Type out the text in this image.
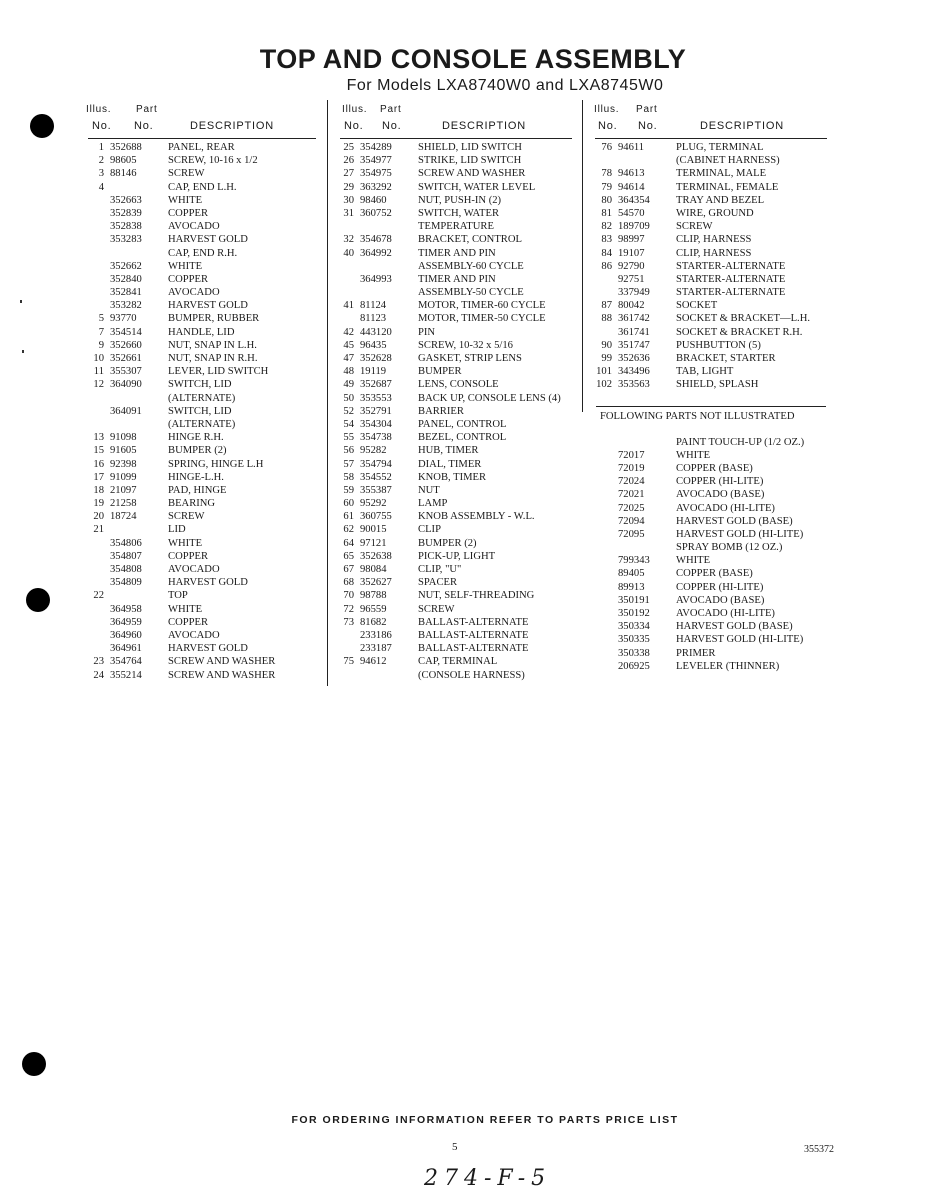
TOP AND CONSOLE ASSEMBLY
For Models LXA8740W0 and LXA8745W0
Illus. Part
No. No.	DESCRIPTION
1 352688 PANEL, REAR
2 98605	SCREW, 10-16 x 1/2
3 88146	SCREW
4	CAP, END L.H.
352663 WHITE
352839 COPPER
352838 AVOCADO
353283 HARVEST GOLD
CAP, END R.H.
352662 WHITE
352840 COPPER
352841 AVOCADO
353282 HARVEST GOLD
5 93770	BUMPER, RUBBER
7 354514 HANDLE, LID
9 352660 NUT, SNAP IN L.H.
10 352661 NUT, SNAP IN R.H.
11 355307 LEVER, LID SWITCH
12 364090 SWITCH, LID
(ALTERNATE)
364091 SWITCH, LID
(ALTERNATE)
13 91098	HINGE R.H.
15 91605	BUMPER (2)
16 92398	SPRING, HINGE L.H
17 91099	HINGE-L.H.
18 21097	PAD, HINGE
19 21258	BEARING
20 18724	SCREW
21	LID
354806 WHITE
354807 COPPER
354808 AVOCADO
354809 HARVEST GOLD
22	TOP
364958 WHITE
364959 COPPER
364960 AVOCADO
364961 HARVEST GOLD
23 354764 SCREW AND WASHER
24 355214 SCREW AND WASHER
Illus. Part
No. No.	DESCRIPTION
25 354289 SHIELD, LID SWITCH
26 354977 STRIKE, LID SWITCH
27 354975 SCREW AND WASHER
29 363292 SWITCH, WATER LEVEL
30 98460	NUT, PUSH-IN (2)
31 360752 SWITCH, WATER
TEMPERATURE
32 354678 BRACKET, CONTROL
40 364992 TIMER AND PIN
ASSEMBLY-60 CYCLE
364993 TIMER AND PIN
ASSEMBLY-50 CYCLE
41 81124	MOTOR, TIMER-60 CYCLE
81123	MOTOR, TIMER-50 CYCLE
42 443120 PIN
45 96435	SCREW, 10-32 x 5/16
47 352628 GASKET, STRIP LENS
48 19119	BUMPER
49 352687 LENS, CONSOLE
50 353553 BACK UP, CONSOLE LENS (4)
52 352791 BARRIER
54 354304 PANEL, CONTROL
55 354738 BEZEL, CONTROL
56 95282	HUB, TIMER
57 354794 DIAL, TIMER
58 354552 KNOB, TIMER
59 355387 NUT
60 95292	LAMP
61 360755 KNOB ASSEMBLY - W.L.
62 90015	CLIP
64 97121	BUMPER (2)
65 352638 PICK-UP, LIGHT
67 98084	CLIP, "U"
68 352627 SPACER
70 98788	NUT, SELF-THREADING
72 96559	SCREW
73 81682	BALLAST-ALTERNATE
233186 BALLAST-ALTERNATE
233187 BALLAST-ALTERNATE
75 94612	CAP, TERMINAL
(CONSOLE HARNESS)
Illus. Part
No. No.	DESCRIPTION
76 94611	PLUG, TERMINAL
(CABINET HARNESS)
78 94613	TERMINAL, MALE
79 94614	TERMINAL, FEMALE
80 364354 TRAY AND BEZEL
81 54570	WIRE, GROUND
82 189709 SCREW
83 98997	CLIP, HARNESS
84 19107	CLIP, HARNESS
86 92790	STARTER-ALTERNATE
92751	STARTER-ALTERNATE
337949 STARTER-ALTERNATE
87 80042	SOCKET
88 361742 SOCKET & BRACKET—L.H.
361741 SOCKET & BRACKET R.H.
90 351747 PUSHBUTTON (5)
99 352636 BRACKET, STARTER
101 343496 TAB, LIGHT
102 353563 SHIELD, SPLASH
FOLLOWING PARTS NOT ILLUSTRATED
PAINT TOUCH-UP (1/2 OZ.)
72017	WHITE
72019	COPPER (BASE)
72024	COPPER (HI-LITE)
72021	AVOCADO (BASE)
72025	AVOCADO (HI-LITE)
72094	HARVEST GOLD (BASE)
72095	HARVEST GOLD (HI-LITE)
SPRAY BOMB (12 OZ.)
799343 WHITE
89405	COPPER (BASE)
89913	COPPER (HI-LITE)
350191 AVOCADO (BASE)
350192 AVOCADO (HI-LITE)
350334 HARVEST GOLD (BASE)
350335 HARVEST GOLD (HI-LITE)
350338 PRIMER
206925 LEVELER (THINNER)
FOR ORDERING INFORMATION REFER TO PARTS PRICE LIST
5	355372
274-F-5
